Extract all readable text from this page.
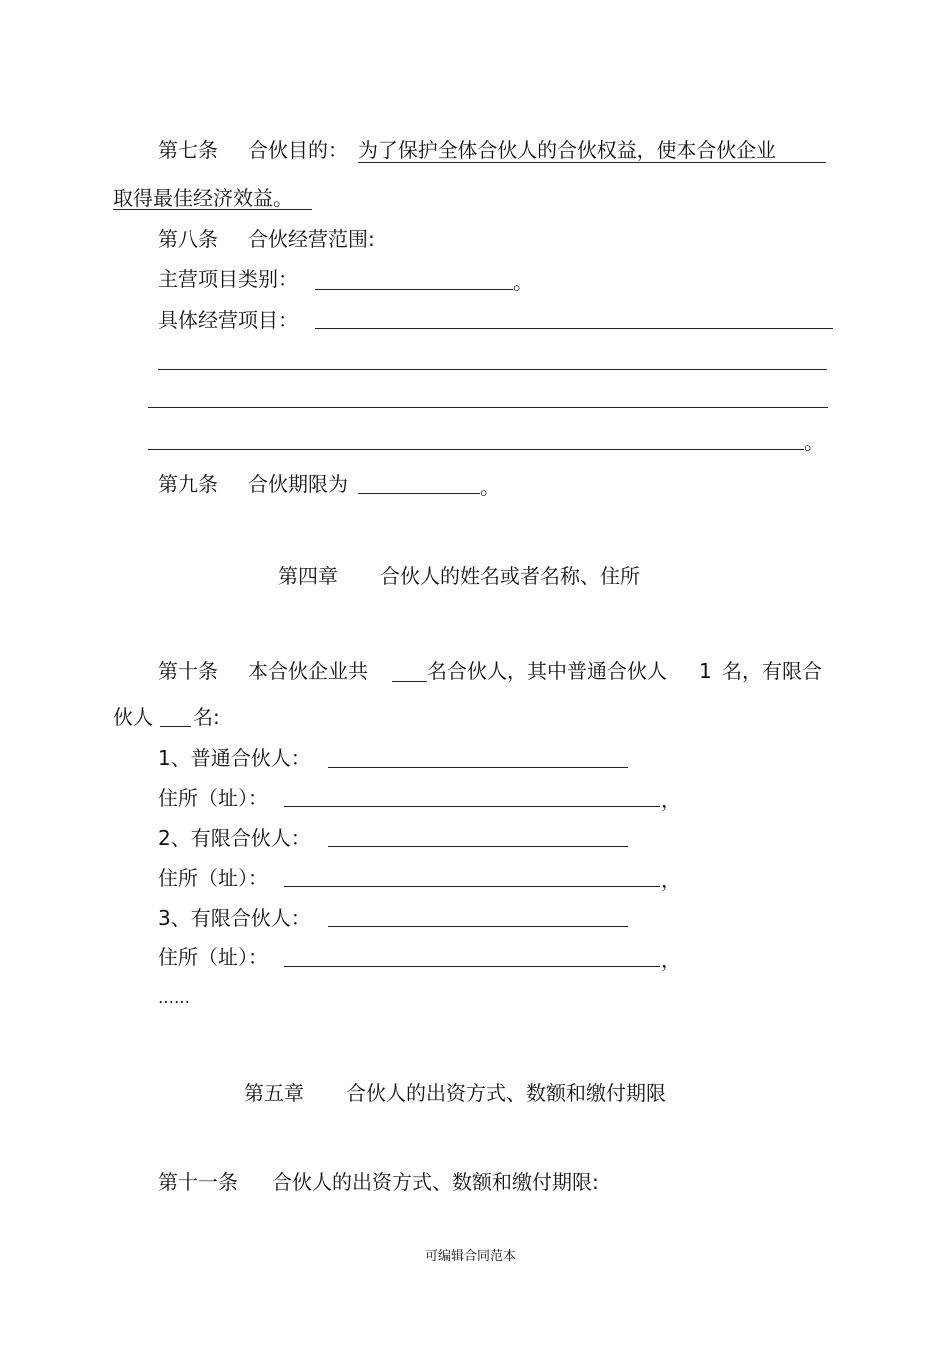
第七条 合伙目的： 为了保护全体合伙人的合伙权益，使本合伙企业
取得最佳经济效益。
第八条 合伙经营范围:
主营项目类别：	。
具体经营项目：
。
第九条 合伙期限为	。
第四章 合伙人的姓名或者名称、住所
第十条 本合伙企业共	名合伙人，其中普通合伙人 1 名，有限合
伙人 名:
1、普通合伙人：
住所（址）：	，
2、有限合伙人：
住所（址）：	，
3、有限合伙人：
住所（址）：	，
……
第五章 合伙人的出资方式、数额和缴付期限
第十一条 合伙人的出资方式、数额和缴付期限:
可编辑合同范本
